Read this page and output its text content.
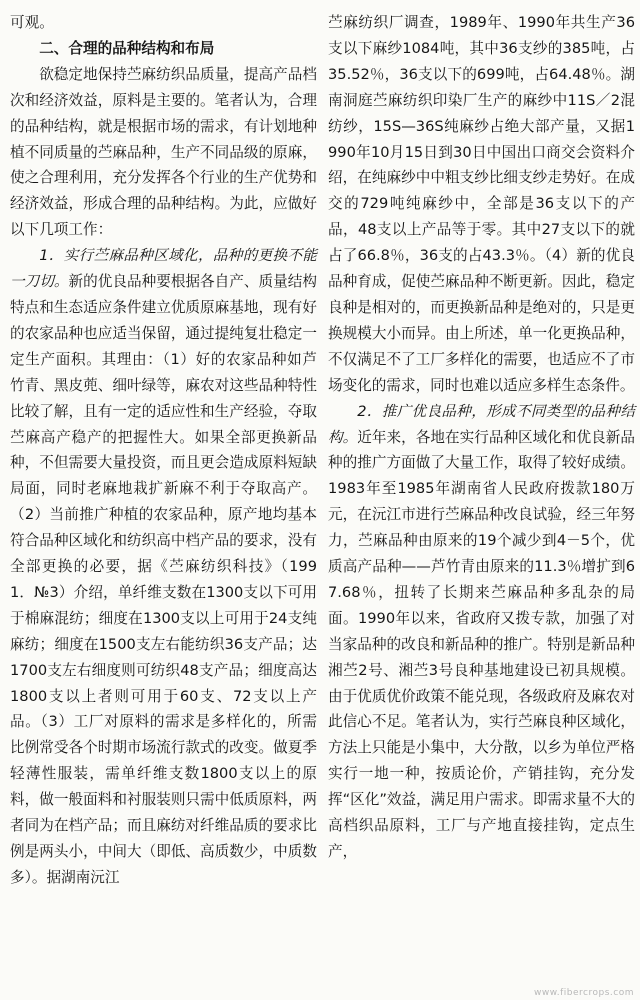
可观。

二、合理的品种结构和布局

欲稳定地保持苎麻纺织品质量，提高产品档次和经济效益，原料是主要的。笔者认为，合理的品种结构，就是根据市场的需求，有计划地种植不同质量的苎麻品种，生产不同品级的原麻，使之合理利用，充分发挥各个行业的生产优势和经济效益，形成合理的品种结构。为此，应做好以下几项工作：

1．实行苎麻品种区域化，品种的更换不能一刀切。新的优良品种要根据各自产、质量结构特点和生态适应条件建立优质原麻基地，现有好的农家品种也应适当保留，通过提纯复壮稳定一定生产面积。其理由：（1）好的农家品种如芦竹青、黑皮蔸、细叶绿等，麻农对这些品种特性比较了解，且有一定的适应性和生产经验，夺取苎麻高产稳产的把握性大。如果全部更换新品种，不但需要大量投资，而且更会造成原料短缺局面，同时老麻地栽扩新麻不利于夺取高产。（2）当前推广种植的农家品种，原产地均基本符合品种区域化和纺织高中档产品的要求，没有全部更换的必要，据《苎麻纺织科技》（1991．№3）介绍，单纤维支数在1300支以下可用于棉麻混纺；细度在1300支以上可用于24支纯麻纺；细度在1500支左右能纺织36支产品；达1700支左右细度则可纺织48支产品；细度高达1800支以上者则可用于60支、72支以上产品。（3）工厂对原料的需求是多样化的，所需比例常受各个时期市场流行款式的改变。做夏季轻薄性服装，需单纤维支数1800支以上的原料，做一般面料和衬服装则只需中低质原料，两者同为在档产品；而且麻纺对纤维品质的要求比例是两头小，中间大（即低、高质数少，中质数多）。据湖南沅江

苎麻纺织厂调查，1989年、1990年共生产36支以下麻纱1084吨，其中36支纱的385吨，占35.52％，36支以下的699吨，占64.48％。湖南洞庭苎麻纺织印染厂生产的麻纱中11S／2混纺纱，15S—36S纯麻纱占绝大部产量，又据1990年10月15日到30日中国出口商交会资料介绍，在纯麻纱中中粗支纱比细支纱走势好。在成交的729吨纯麻纱中，全部是36支以下的产品，48支以上产品等于零。其中27支以下的就占了66.8％，36支的占43.3％。（4）新的优良品种育成，促使苎麻品种不断更新。因此，稳定良种是相对的，而更换新品种是绝对的，只是更换规模大小而异。由上所述，单一化更换品种，不仅满足不了工厂多样化的需要，也适应不了市场变化的需求，同时也难以适应多样生态条件。

2．推广优良品种，形成不同类型的品种结构。近年来，各地在实行品种区域化和优良新品种的推广方面做了大量工作，取得了较好成绩。1983年至1985年湖南省人民政府拨款180万元，在沅江市进行苎麻品种改良试验，经三年努力，苎麻品种由原来的19个减少到4－5个，优质高产品种——芦竹青由原来的11.3％增扩到67.68％，扭转了长期来苎麻品种多乱杂的局面。1990年以来，省政府又拨专款，加强了对当家品种的改良和新品种的推广。特别是新品种湘苎2号、湘苎3号良种基地建设已初具规模。由于优质优价政策不能兑现，各级政府及麻农对此信心不足。笔者认为，实行苎麻良种区域化，方法上只能是小集中，大分散，以乡为单位严格实行一地一种，按质论价，产销挂钩，充分发挥“区化”效益，满足用户需求。即需求量不大的高档织品原料，工厂与产地直接挂钩，定点生产，

www.fibercrops.com
